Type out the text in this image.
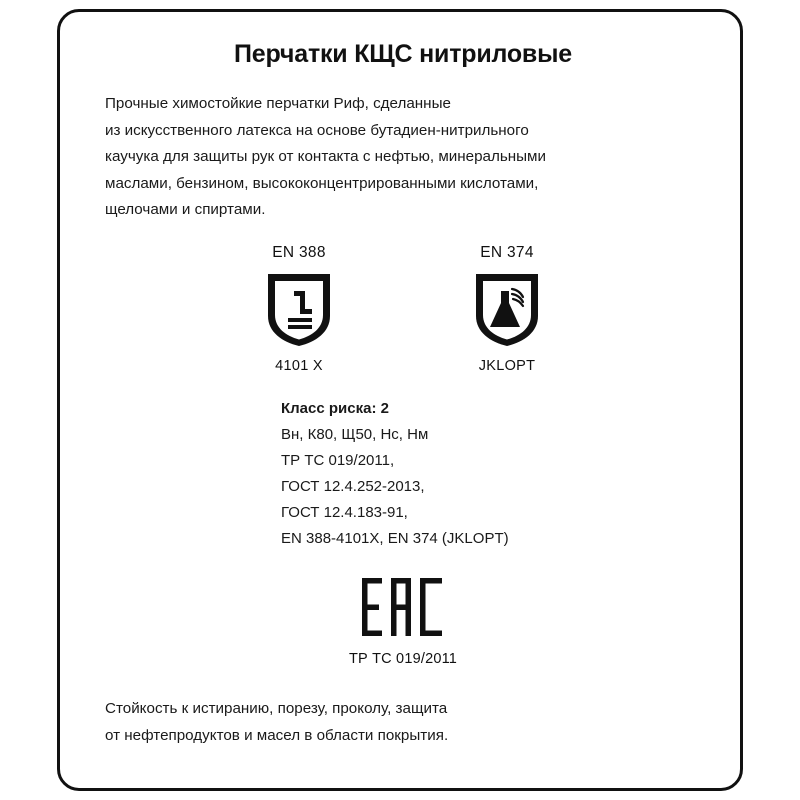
Перчатки КЩС нитриловые
Прочные химостойкие перчатки Риф, сделанные
из искусственного латекса на основе бутадиен-нитрильного
каучука для защиты рук от контакта с нефтью, минеральными
маслами, бензином, высококонцентрированными кислотами,
щелочами и спиртами.
EN 388
4101 X
EN 374
JKLOPT
Класс риска: 2
Вн, К80, Щ50, Нс, Нм
ТР ТС 019/2011,
ГОСТ 12.4.252-2013,
ГОСТ 12.4.183-91,
EN 388-4101X, EN 374 (JKLOPT)
ТР ТС 019/2011
Стойкость к истиранию, порезу, проколу, защита
от нефтепродуктов и масел в области покрытия.
